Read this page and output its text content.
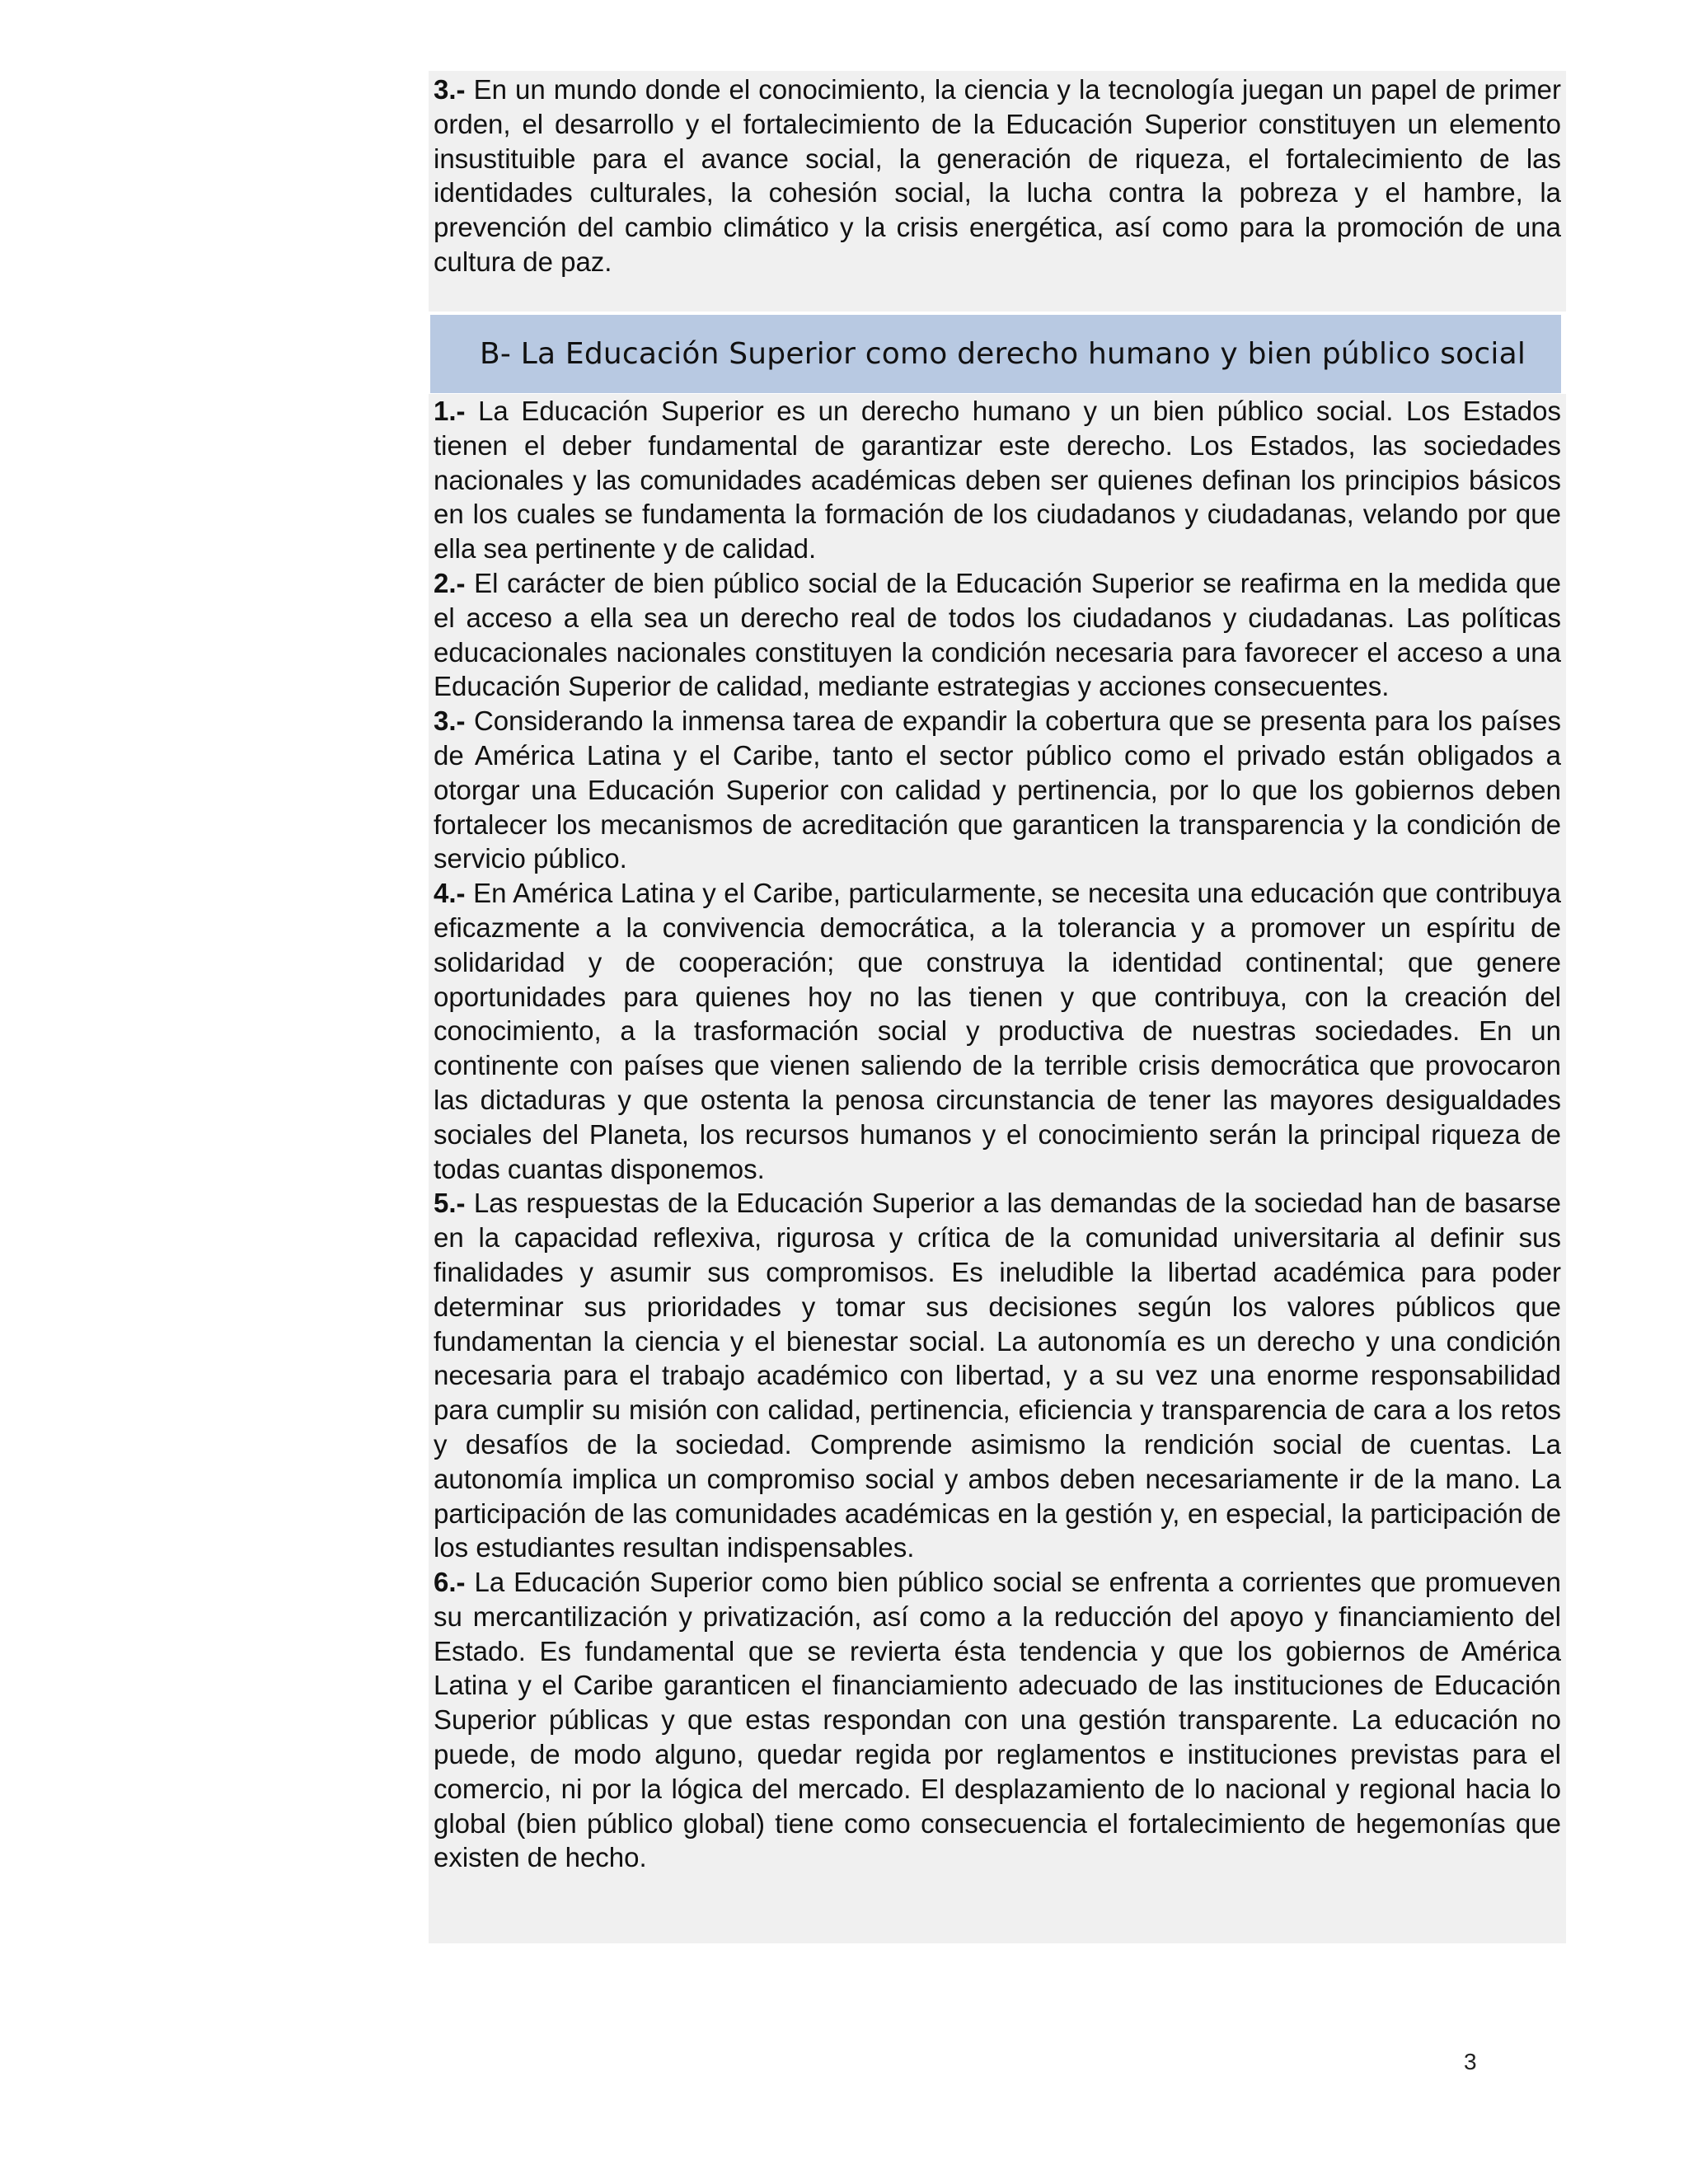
3.- En un mundo donde el conocimiento, la ciencia y la tecnología juegan un papel de primer orden, el desarrollo y el fortalecimiento de la Educación Superior constituyen un elemento insustituible para el avance social, la generación de riqueza, el fortalecimiento de las identidades culturales, la cohesión social, la lucha contra la pobreza y el hambre, la prevención del cambio climático y la crisis energética, así como para la promoción de una cultura de paz.

B- La Educación Superior como derecho humano y bien público social

1.- La Educación Superior es un derecho humano y un bien público social. Los Estados tienen el deber fundamental de garantizar este derecho. Los Estados, las sociedades nacionales y las comunidades académicas deben ser quienes definan los principios básicos en los cuales se fundamenta la formación de los ciudadanos y ciudadanas, velando por que ella sea pertinente y de calidad.

2.- El carácter de bien público social de la Educación Superior se reafirma en la medida que el acceso a ella sea un derecho real de todos los ciudadanos y ciudadanas. Las políticas educacionales nacionales constituyen la condición necesaria para favorecer el acceso a una Educación Superior de calidad, mediante estrategias y acciones consecuentes.

3.- Considerando la inmensa tarea de expandir la cobertura que se presenta para los países de América Latina y el Caribe, tanto el sector público como el privado están obligados a otorgar una Educación Superior con calidad y pertinencia, por lo que los gobiernos deben fortalecer los mecanismos de acreditación que garanticen la transparencia y la condición de servicio público.

4.- En América Latina y el Caribe, particularmente, se necesita una educación que contribuya eficazmente a la convivencia democrática, a la tolerancia y a promover un espíritu de solidaridad y de cooperación; que construya la identidad continental; que genere oportunidades para quienes hoy no las tienen y que contribuya, con la creación del conocimiento, a la trasformación social y productiva de nuestras sociedades. En un continente con países que vienen saliendo de la terrible crisis democrática que provocaron las dictaduras y que ostenta la penosa circunstancia de tener las mayores desigualdades sociales del Planeta, los recursos humanos y el conocimiento serán la principal riqueza de todas cuantas disponemos.

5.- Las respuestas de la Educación Superior a las demandas de la sociedad han de basarse en la capacidad reflexiva, rigurosa y crítica de la comunidad universitaria al definir sus finalidades y asumir sus compromisos. Es ineludible la libertad académica para poder determinar sus prioridades y tomar sus decisiones según los valores públicos que fundamentan la ciencia y el bienestar social. La autonomía es un derecho y una condición necesaria para el trabajo académico con libertad, y a su vez una enorme responsabilidad para cumplir su misión con calidad, pertinencia, eficiencia y transparencia de cara a los retos y desafíos de la sociedad. Comprende asimismo la rendición social de cuentas. La autonomía implica un compromiso social y ambos deben necesariamente ir de la mano. La participación de las comunidades académicas en la gestión y, en especial, la participación de los estudiantes resultan indispensables.

6.- La Educación Superior como bien público social se enfrenta a corrientes que promueven su mercantilización y privatización, así como a la reducción del apoyo y financiamiento del Estado. Es fundamental que se revierta ésta tendencia y que los gobiernos de América Latina y el Caribe garanticen el financiamiento adecuado de las instituciones de Educación Superior públicas y que estas respondan con una gestión transparente. La educación no puede, de modo alguno, quedar regida por reglamentos e instituciones previstas para el comercio, ni por la lógica del mercado. El desplazamiento de lo nacional y regional hacia lo global (bien público global) tiene como consecuencia el fortalecimiento de hegemonías que existen de hecho.

3
